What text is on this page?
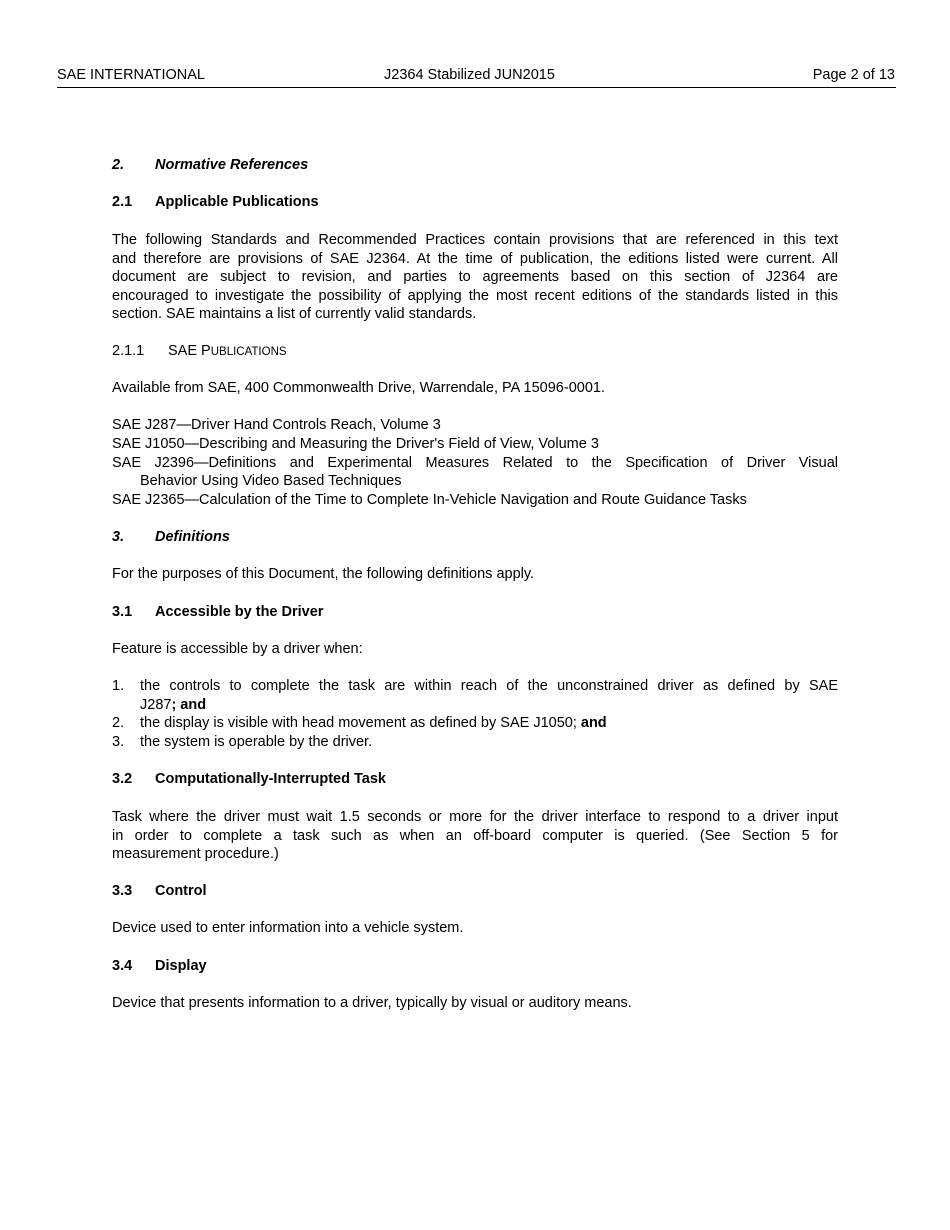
SAE INTERNATIONAL	J2364 Stabilized JUN2015	Page 2 of 13
2. Normative References
2.1 Applicable Publications
The following Standards and Recommended Practices contain provisions that are referenced in this text
and therefore are provisions of SAE J2364. At the time of publication, the editions listed were current. All
document are subject to revision, and parties to agreements based on this section of J2364 are
encouraged to investigate the possibility of applying the most recent editions of the standards listed in this
section. SAE maintains a list of currently valid standards.
2.1.1 SAE PUBLICATIONS
Available from SAE, 400 Commonwealth Drive, Warrendale, PA 15096-0001.
SAE J287—Driver Hand Controls Reach, Volume 3
SAE J1050—Describing and Measuring the Driver's Field of View, Volume 3
SAE J2396—Definitions and Experimental Measures Related to the Specification of Driver Visual
Behavior Using Video Based Techniques
SAE J2365—Calculation of the Time to Complete In-Vehicle Navigation and Route Guidance Tasks
3. Definitions
For the purposes of this Document, the following definitions apply.
3.1 Accessible by the Driver
Feature is accessible by a driver when:
1. the controls to complete the task are within reach of the unconstrained driver as defined by SAE
J287; and
2. the display is visible with head movement as defined by SAE J1050; and
3. the system is operable by the driver.
3.2 Computationally-Interrupted Task
Task where the driver must wait 1.5 seconds or more for the driver interface to respond to a driver input
in order to complete a task such as when an off-board computer is queried. (See Section 5 for
measurement procedure.)
3.3 Control
Device used to enter information into a vehicle system.
3.4 Display
Device that presents information to a driver, typically by visual or auditory means.
